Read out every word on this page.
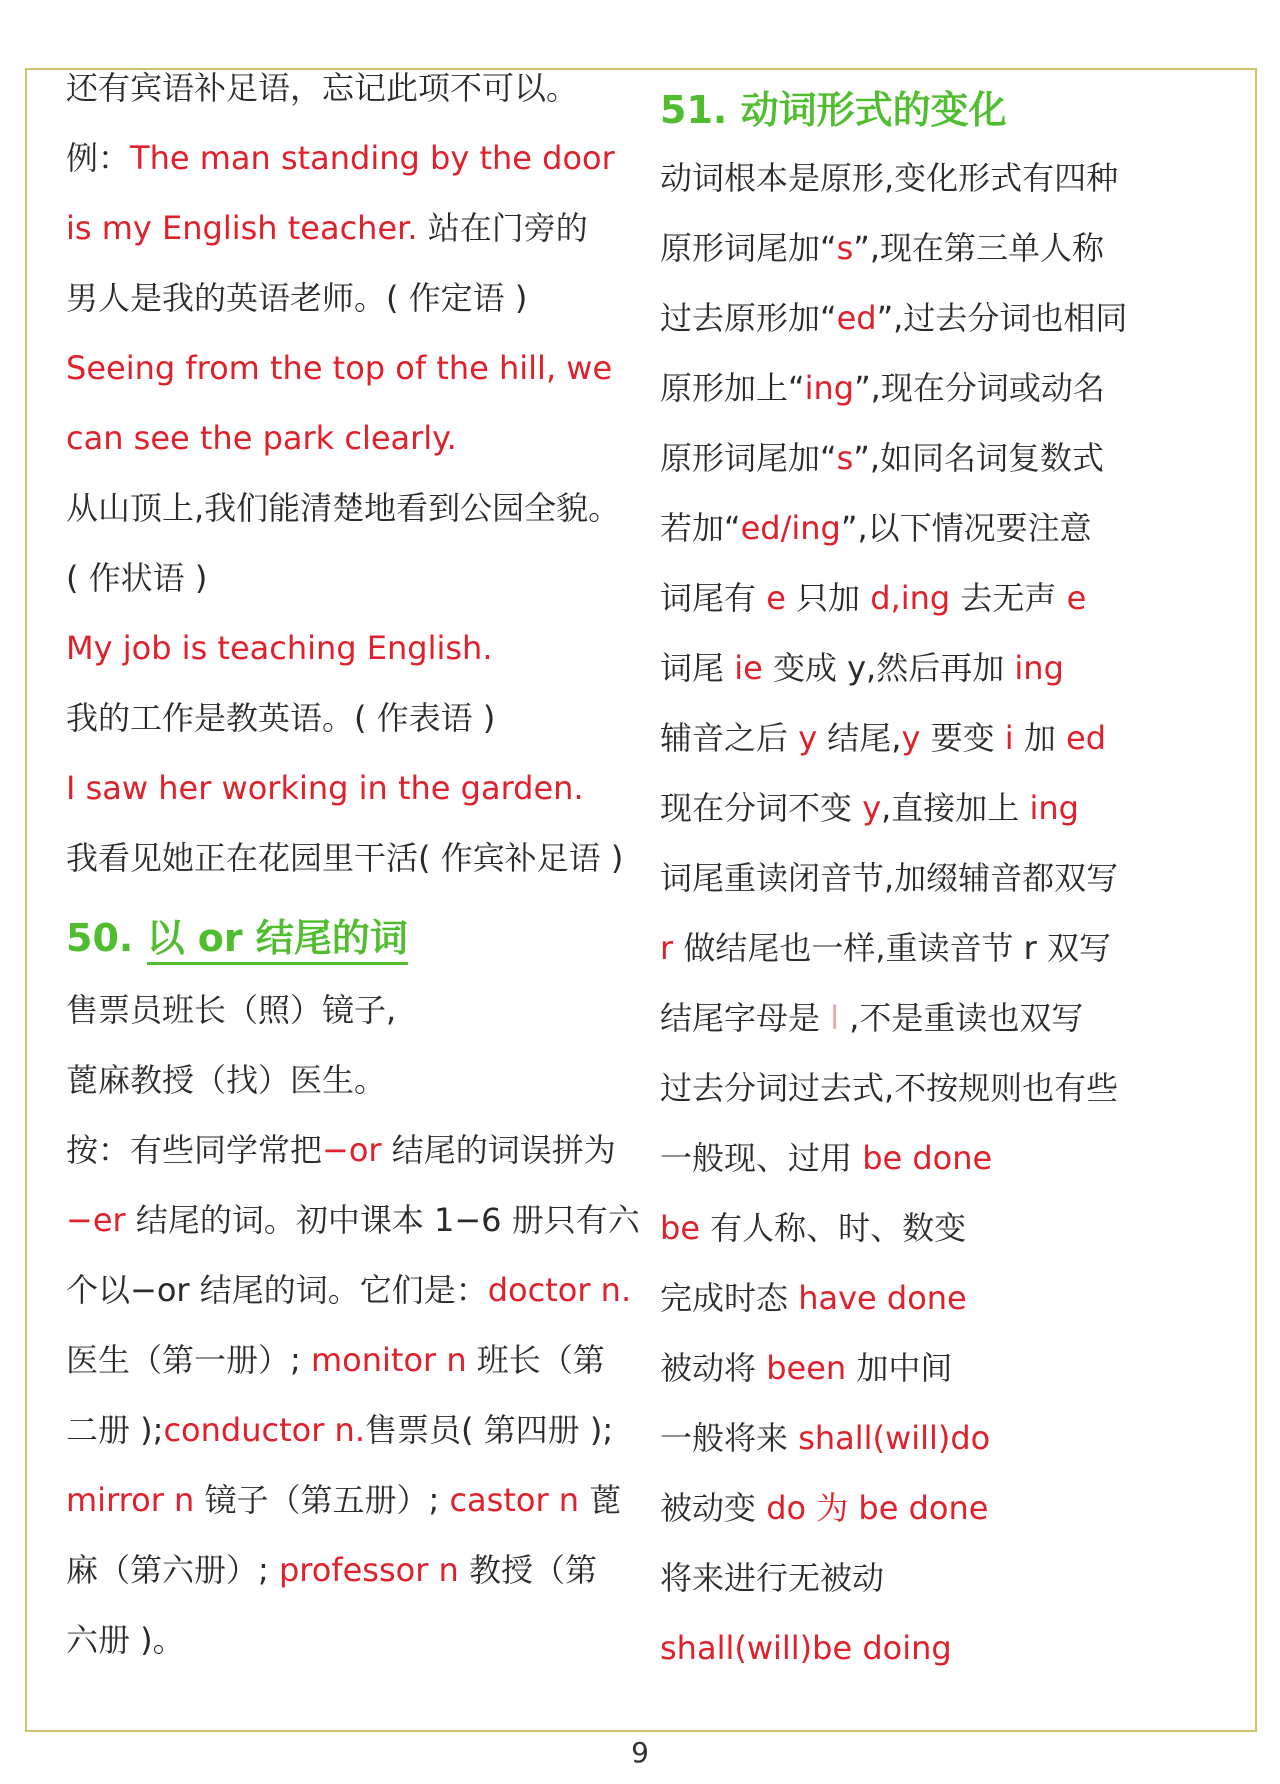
还有宾语补足语，忘记此项不可以。

例：The man standing by the door

is my English teacher. 站在门旁的

男人是我的英语老师。( 作定语 )

Seeing from the top of the hill, we

can see the park clearly.

从山顶上,我们能清楚地看到公园全貌。

( 作状语 )

My job is teaching English.

我的工作是教英语。( 作表语 )

I saw her working in the garden.

我看见她正在花园里干活( 作宾补足语 )

50. 以 or 结尾的词

售票员班长（照）镜子,

蓖麻教授（找）医生。

按：有些同学常把−or 结尾的词误拼为

−er 结尾的词。初中课本 1−6 册只有六

个以−or 结尾的词。它们是：doctor n.

医生（第一册）; monitor n 班长（第

二册 );conductor n.售票员( 第四册 );

mirror n 镜子（第五册）; castor n 蓖

麻（第六册）; professor n 教授（第

六册 )。

51. 动词形式的变化

动词根本是原形,变化形式有四种

原形词尾加“s”,现在第三单人称

过去原形加“ed”,过去分词也相同

原形加上“ing”,现在分词或动名

原形词尾加“s”,如同名词复数式

若加“ed/ing”,以下情况要注意

词尾有 e 只加 d,ing 去无声 e

词尾 ie 变成 y,然后再加 ing

辅音之后 y 结尾,y 要变 i 加 ed

现在分词不变 y,直接加上 ing

词尾重读闭音节,加缀辅音都双写

r 做结尾也一样,重读音节 r 双写

结尾字母是 l ,不是重读也双写

过去分词过去式,不按规则也有些

一般现、过用 be done

be 有人称、时、数变

完成时态 have done

被动将 been 加中间

一般将来 shall(will)do

被动变 do 为 be done

将来进行无被动

shall(will)be doing

9
